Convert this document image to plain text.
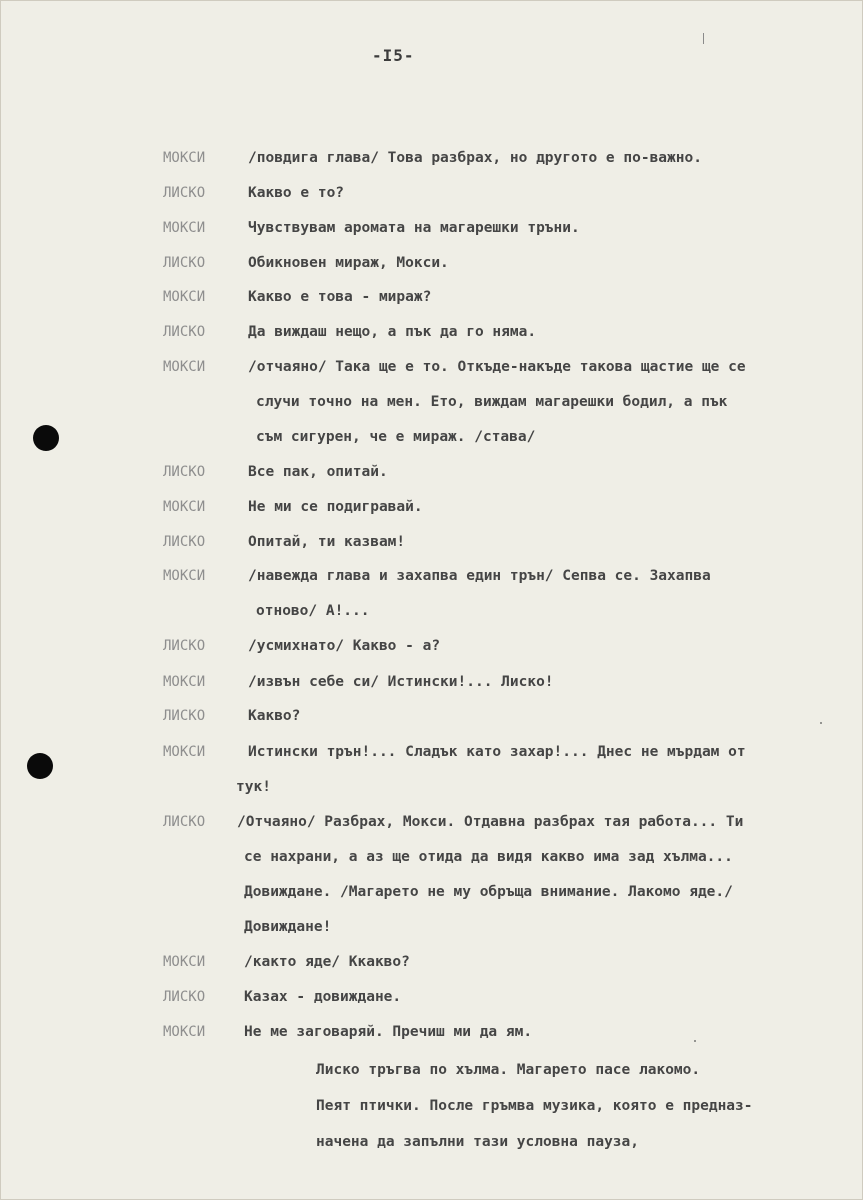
-I5-
МОКСИ	/повдига глава/ Това разбрах, но другото е по-важно.
ЛИСКО	Какво е то?
МОКСИ	Чувствувам аромата на магарешки тръни.
ЛИСКО	Обикновен мираж, Мокси.
МОКСИ	Какво е това - мираж?
ЛИСКО	Да виждаш нещо, а пък да го няма.
МОКСИ	/отчаяно/ Така ще е то. Откъде-накъде такова щастие ще се
случи точно на мен. Ето, виждам магарешки бодил, а пък
съм сигурен, че е мираж. /става/
ЛИСКО	Все пак, опитай.
МОКСИ	Не ми се подигравай.
ЛИСКО	Опитай, ти казвам!
МОКСИ	/навежда глава и захапва един трън/ Сепва се. Захапва
отново/ А!...
ЛИСКО	/усмихнато/ Какво - а?
МОКСИ	/извън себе си/ Истински!... Лиско!
ЛИСКО	Какво?
МОКСИ	Истински трън!... Сладък като захар!... Днес не мърдам от
тук!
ЛИСКО /Отчаяно/ Разбрах, Мокси. Отдавна разбрах тая работа... Ти
се нахрани, а аз ще отида да видя какво има зад хълма...
Довиждане. /Магарето не му обръща внимание. Лакомо яде./
Довиждане!
МОКСИ	/както яде/ Ккакво?
ЛИСКО	Казах - довиждане.
МОКСИ	Не ме заговаряй. Пречиш ми да ям.
Лиско тръгва по хълма. Магарето пасе лакомо.
Пеят птички. После гръмва музика, която е предназ-
начена да запълни тази условна пауза,
